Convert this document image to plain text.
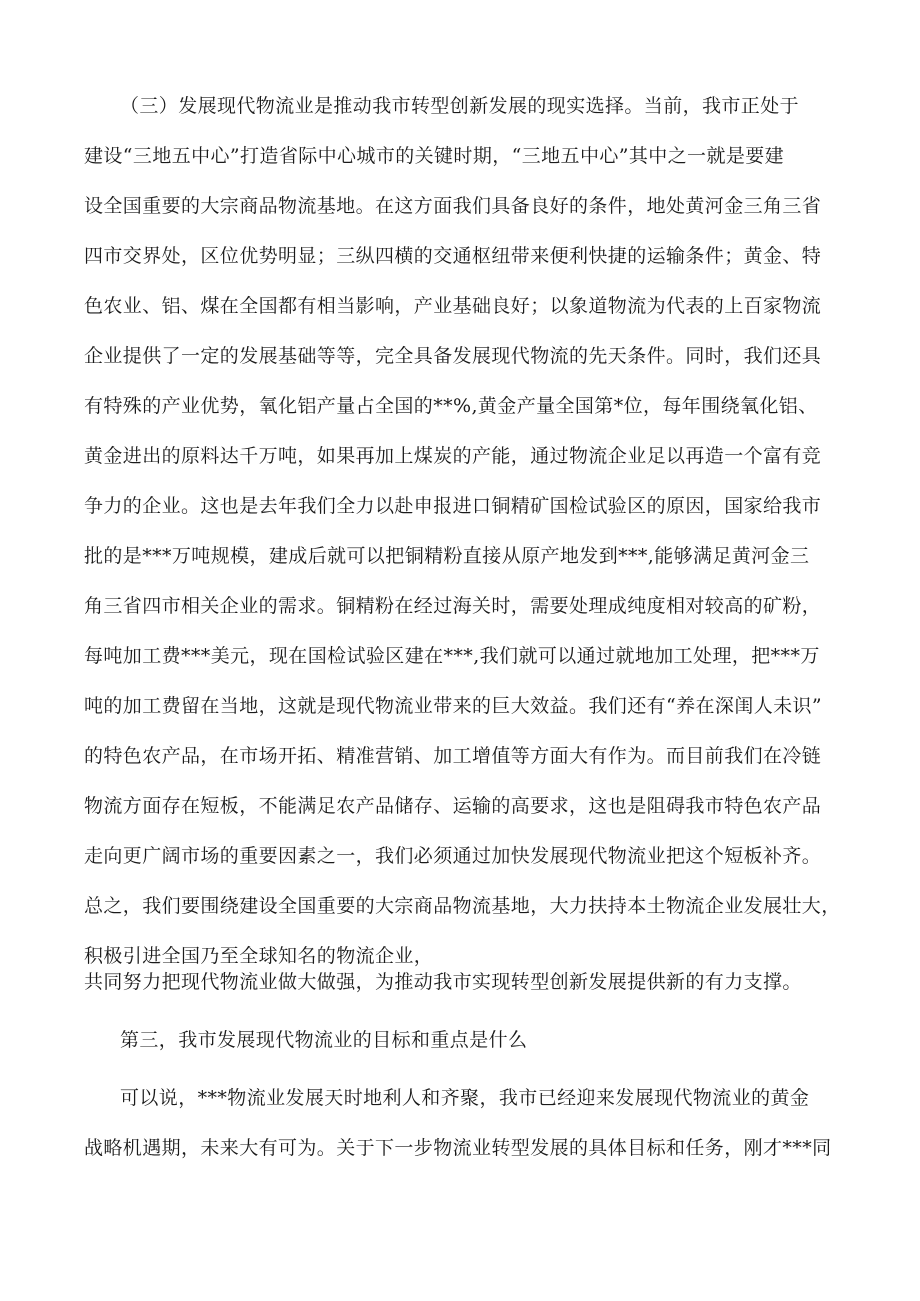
（三）发展现代物流业是推动我市转型创新发展的现实选择。当前，我市正处于
建设“三地五中心”打造省际中心城市的关键时期，“三地五中心”其中之一就是要建
设全国重要的大宗商品物流基地。在这方面我们具备良好的条件，地处黄河金三角三省
四市交界处，区位优势明显；三纵四横的交通枢纽带来便利快捷的运输条件；黄金、特
色农业、铝、煤在全国都有相当影响，产业基础良好；以象道物流为代表的上百家物流
企业提供了一定的发展基础等等，完全具备发展现代物流的先天条件。同时，我们还具
有特殊的产业优势，氧化铝产量占全国的**%,黄金产量全国第*位，每年围绕氧化铝、
黄金进出的原料达千万吨，如果再加上煤炭的产能，通过物流企业足以再造一个富有竞
争力的企业。这也是去年我们全力以赴申报进口铜精矿国检试验区的原因，国家给我市
批的是***万吨规模，建成后就可以把铜精粉直接从原产地发到***,能够满足黄河金三
角三省四市相关企业的需求。铜精粉在经过海关时，需要处理成纯度相对较高的矿粉，
每吨加工费***美元，现在国检试验区建在***,我们就可以通过就地加工处理，把***万
吨的加工费留在当地，这就是现代物流业带来的巨大效益。我们还有“养在深闺人未识”
的特色农产品，在市场开拓、精准营销、加工增值等方面大有作为。而目前我们在冷链
物流方面存在短板，不能满足农产品储存、运输的高要求，这也是阻碍我市特色农产品
走向更广阔市场的重要因素之一，我们必须通过加快发展现代物流业把这个短板补齐。
总之，我们要围绕建设全国重要的大宗商品物流基地，大力扶持本土物流企业发展壮大，
积极引进全国乃至全球知名的物流企业，
共同努力把现代物流业做大做强，为推动我市实现转型创新发展提供新的有力支撑。
第三，我市发展现代物流业的目标和重点是什么
可以说，***物流业发展天时地利人和齐聚，我市已经迎来发展现代物流业的黄金
战略机遇期，未来大有可为。关于下一步物流业转型发展的具体目标和任务，刚才***同
